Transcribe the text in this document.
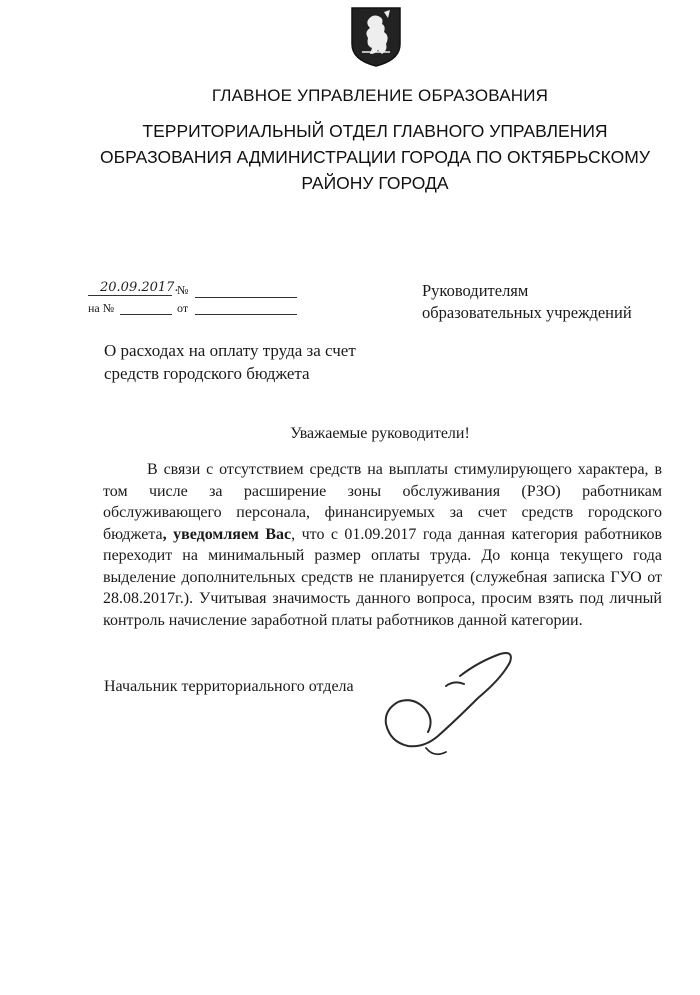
ГЛАВНОЕ УПРАВЛЕНИЕ ОБРАЗОВАНИЯ
ТЕРРИТОРИАЛЬНЫЙ ОТДЕЛ ГЛАВНОГО УПРАВЛЕНИЯ
ОБРАЗОВАНИЯ АДМИНИСТРАЦИИ ГОРОДА ПО ОКТЯБРЬСКОМУ
РАЙОНУ ГОРОДА
20.09.2017.
№
на №	от
Руководителям
образовательных учреждений
О расходах на оплату труда за счет
средств городского бюджета
Уважаемые руководители!
В связи с отсутствием средств на выплаты стимулирующего характера, в том числе за расширение зоны обслуживания (РЗО) работникам обслуживающего персонала, финансируемых за счет средств городского бюджета, уведомляем Вас, что с 01.09.2017 года данная категория работников переходит на минимальный размер оплаты труда. До конца текущего года выделение дополнительных средств не планируется (служебная записка ГУО от 28.08.2017г.). Учитывая значимость данного вопроса, просим взять под личный контроль начисление заработной платы работников данной категории.
Начальник территориального отдела
